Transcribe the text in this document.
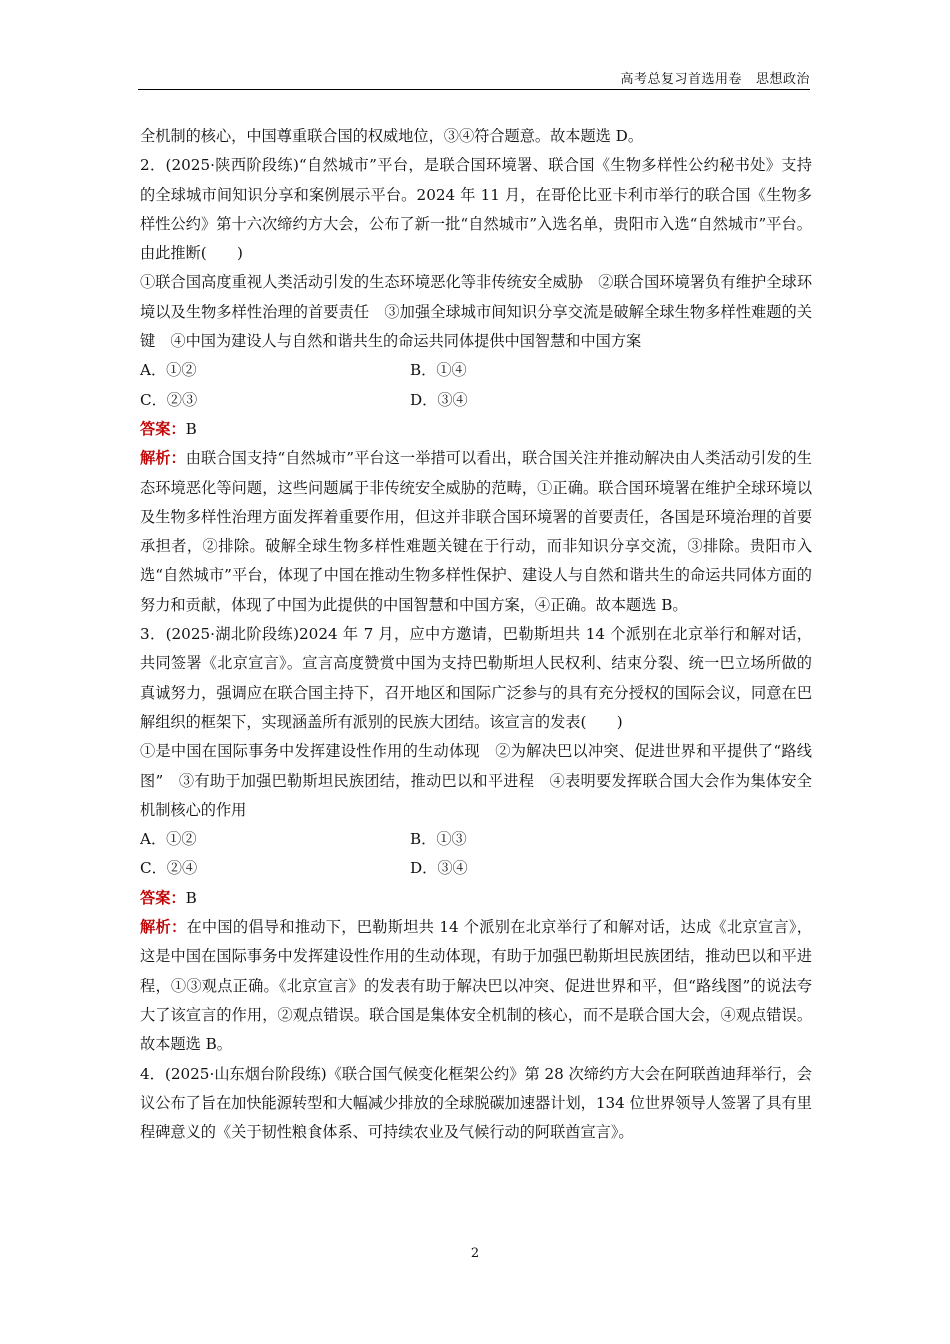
高考总复习首选用卷 思想政治

全机制的核心，中国尊重联合国的权威地位，③④符合题意。故本题选 D。

2．(2025·陕西阶段练)“自然城市”平台，是联合国环境署、联合国《生物多样性公约秘书处》支持的全球城市间知识分享和案例展示平台。2024 年 11 月，在哥伦比亚卡利市举行的联合国《生物多样性公约》第十六次缔约方大会，公布了新一批“自然城市”入选名单，贵阳市入选“自然城市”平台。由此推断(　　)

①联合国高度重视人类活动引发的生态环境恶化等非传统安全威胁　②联合国环境署负有维护全球环境以及生物多样性治理的首要责任　③加强全球城市间知识分享交流是破解全球生物多样性难题的关键　④中国为建设人与自然和谐共生的命运共同体提供中国智慧和中国方案

A．①②	B．①④
C．②③	D．③④

答案：B

解析：由联合国支持“自然城市”平台这一举措可以看出，联合国关注并推动解决由人类活动引发的生态环境恶化等问题，这些问题属于非传统安全威胁的范畴，①正确。联合国环境署在维护全球环境以及生物多样性治理方面发挥着重要作用，但这并非联合国环境署的首要责任，各国是环境治理的首要承担者，②排除。破解全球生物多样性难题关键在于行动，而非知识分享交流，③排除。贵阳市入选“自然城市”平台，体现了中国在推动生物多样性保护、建设人与自然和谐共生的命运共同体方面的努力和贡献，体现了中国为此提供的中国智慧和中国方案，④正确。故本题选 B。

3．(2025·湖北阶段练)2024 年 7 月，应中方邀请，巴勒斯坦共 14 个派别在北京举行和解对话，共同签署《北京宣言》。宣言高度赞赏中国为支持巴勒斯坦人民权利、结束分裂、统一巴立场所做的真诚努力，强调应在联合国主持下，召开地区和国际广泛参与的具有充分授权的国际会议，同意在巴解组织的框架下，实现涵盖所有派别的民族大团结。该宣言的发表(　　)

①是中国在国际事务中发挥建设性作用的生动体现　②为解决巴以冲突、促进世界和平提供了“路线图”　③有助于加强巴勒斯坦民族团结，推动巴以和平进程　④表明要发挥联合国大会作为集体安全机制核心的作用

A．①②	B．①③
C．②④	D．③④

答案：B

解析：在中国的倡导和推动下，巴勒斯坦共 14 个派别在北京举行了和解对话，达成《北京宣言》，这是中国在国际事务中发挥建设性作用的生动体现，有助于加强巴勒斯坦民族团结，推动巴以和平进程，①③观点正确。《北京宣言》的发表有助于解决巴以冲突、促进世界和平，但“路线图”的说法夸大了该宣言的作用，②观点错误。联合国是集体安全机制的核心，而不是联合国大会，④观点错误。故本题选 B。

4．(2025·山东烟台阶段练)《联合国气候变化框架公约》第 28 次缔约方大会在阿联酋迪拜举行，会议公布了旨在加快能源转型和大幅减少排放的全球脱碳加速器计划，134 位世界领导人签署了具有里程碑意义的《关于韧性粮食体系、可持续农业及气候行动的阿联酋宣言》。

2
